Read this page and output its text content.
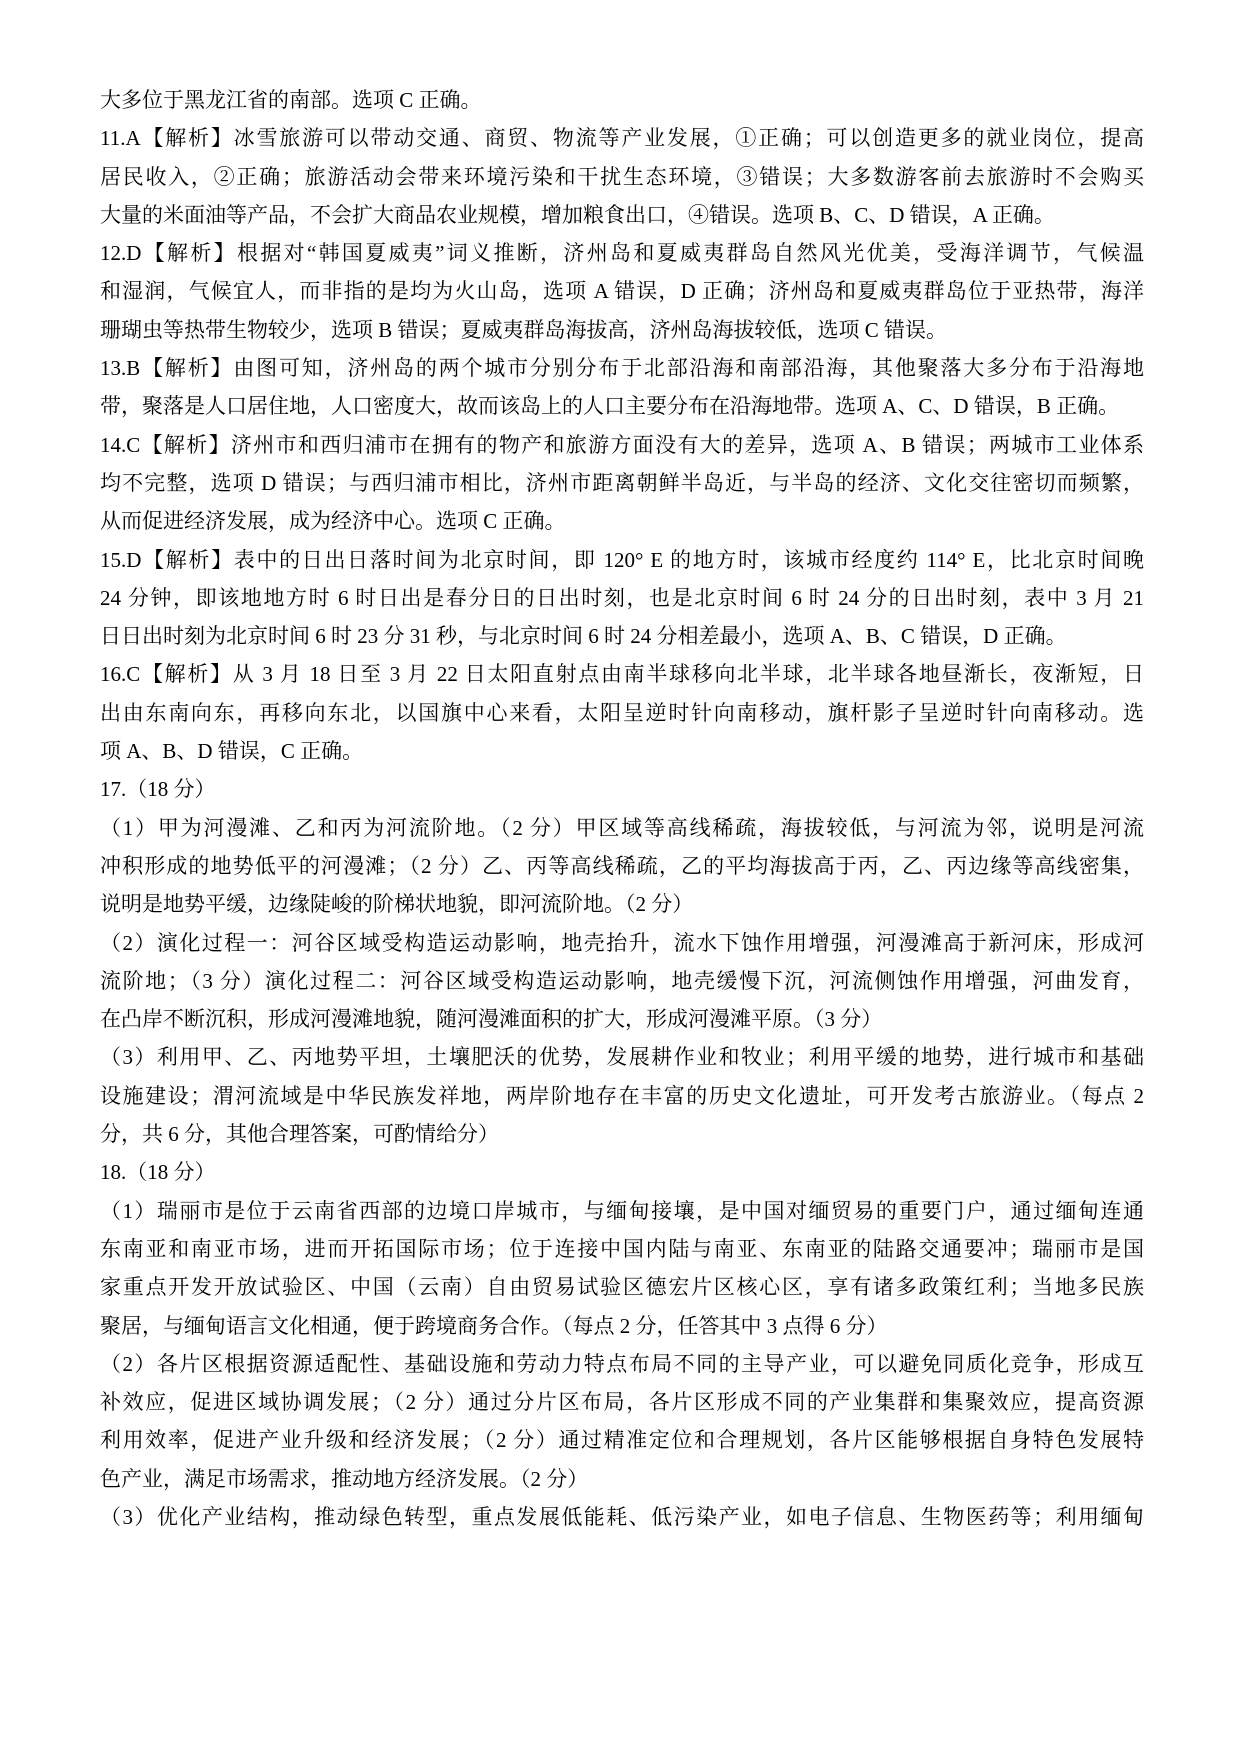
大多位于黑龙江省的南部。选项 C 正确。
11.A【解析】冰雪旅游可以带动交通、商贸、物流等产业发展，①正确；可以创造更多的就业岗位，提高
居民收入，②正确；旅游活动会带来环境污染和干扰生态环境，③错误；大多数游客前去旅游时不会购买
大量的米面油等产品，不会扩大商品农业规模，增加粮食出口，④错误。选项 B、C、D 错误，A 正确。
12.D【解析】根据对“韩国夏威夷”词义推断，济州岛和夏威夷群岛自然风光优美，受海洋调节，气候温
和湿润，气候宜人，而非指的是均为火山岛，选项 A 错误，D 正确；济州岛和夏威夷群岛位于亚热带，海洋
珊瑚虫等热带生物较少，选项 B 错误；夏威夷群岛海拔高，济州岛海拔较低，选项 C 错误。
13.B【解析】由图可知，济州岛的两个城市分别分布于北部沿海和南部沿海，其他聚落大多分布于沿海地
带，聚落是人口居住地，人口密度大，故而该岛上的人口主要分布在沿海地带。选项 A、C、D 错误，B 正确。
14.C【解析】济州市和西归浦市在拥有的物产和旅游方面没有大的差异，选项 A、B 错误；两城市工业体系
均不完整，选项 D 错误；与西归浦市相比，济州市距离朝鲜半岛近，与半岛的经济、文化交往密切而频繁，
从而促进经济发展，成为经济中心。选项 C 正确。
15.D【解析】表中的日出日落时间为北京时间，即 120° E 的地方时，该城市经度约 114° E，比北京时间晚
24 分钟，即该地地方时 6 时日出是春分日的日出时刻，也是北京时间 6 时 24 分的日出时刻，表中 3 月 21
日日出时刻为北京时间 6 时 23 分 31 秒，与北京时间 6 时 24 分相差最小，选项 A、B、C 错误，D 正确。
16.C【解析】从 3 月 18 日至 3 月 22 日太阳直射点由南半球移向北半球，北半球各地昼渐长，夜渐短，日
出由东南向东，再移向东北，以国旗中心来看，太阳呈逆时针向南移动，旗杆影子呈逆时针向南移动。选
项 A、B、D 错误，C 正确。
17.（18 分）
（1）甲为河漫滩、乙和丙为河流阶地。（2 分）甲区域等高线稀疏，海拔较低，与河流为邻，说明是河流
冲积形成的地势低平的河漫滩；（2 分）乙、丙等高线稀疏，乙的平均海拔高于丙，乙、丙边缘等高线密集，
说明是地势平缓，边缘陡峻的阶梯状地貌，即河流阶地。（2 分）
（2）演化过程一：河谷区域受构造运动影响，地壳抬升，流水下蚀作用增强，河漫滩高于新河床，形成河
流阶地；（3 分）演化过程二：河谷区域受构造运动影响，地壳缓慢下沉，河流侧蚀作用增强，河曲发育，
在凸岸不断沉积，形成河漫滩地貌，随河漫滩面积的扩大，形成河漫滩平原。（3 分）
（3）利用甲、乙、丙地势平坦，土壤肥沃的优势，发展耕作业和牧业；利用平缓的地势，进行城市和基础
设施建设；渭河流域是中华民族发祥地，两岸阶地存在丰富的历史文化遗址，可开发考古旅游业。（每点 2
分，共 6 分，其他合理答案，可酌情给分）
18.（18 分）
（1）瑞丽市是位于云南省西部的边境口岸城市，与缅甸接壤，是中国对缅贸易的重要门户，通过缅甸连通
东南亚和南亚市场，进而开拓国际市场；位于连接中国内陆与南亚、东南亚的陆路交通要冲；瑞丽市是国
家重点开发开放试验区、中国（云南）自由贸易试验区德宏片区核心区，享有诸多政策红利；当地多民族
聚居，与缅甸语言文化相通，便于跨境商务合作。（每点 2 分，任答其中 3 点得 6 分）
（2）各片区根据资源适配性、基础设施和劳动力特点布局不同的主导产业，可以避免同质化竞争，形成互
补效应，促进区域协调发展；（2 分）通过分片区布局，各片区形成不同的产业集群和集聚效应，提高资源
利用效率，促进产业升级和经济发展；（2 分）通过精准定位和合理规划，各片区能够根据自身特色发展特
色产业，满足市场需求，推动地方经济发展。（2 分）
（3）优化产业结构，推动绿色转型，重点发展低能耗、低污染产业，如电子信息、生物医药等；利用缅甸
